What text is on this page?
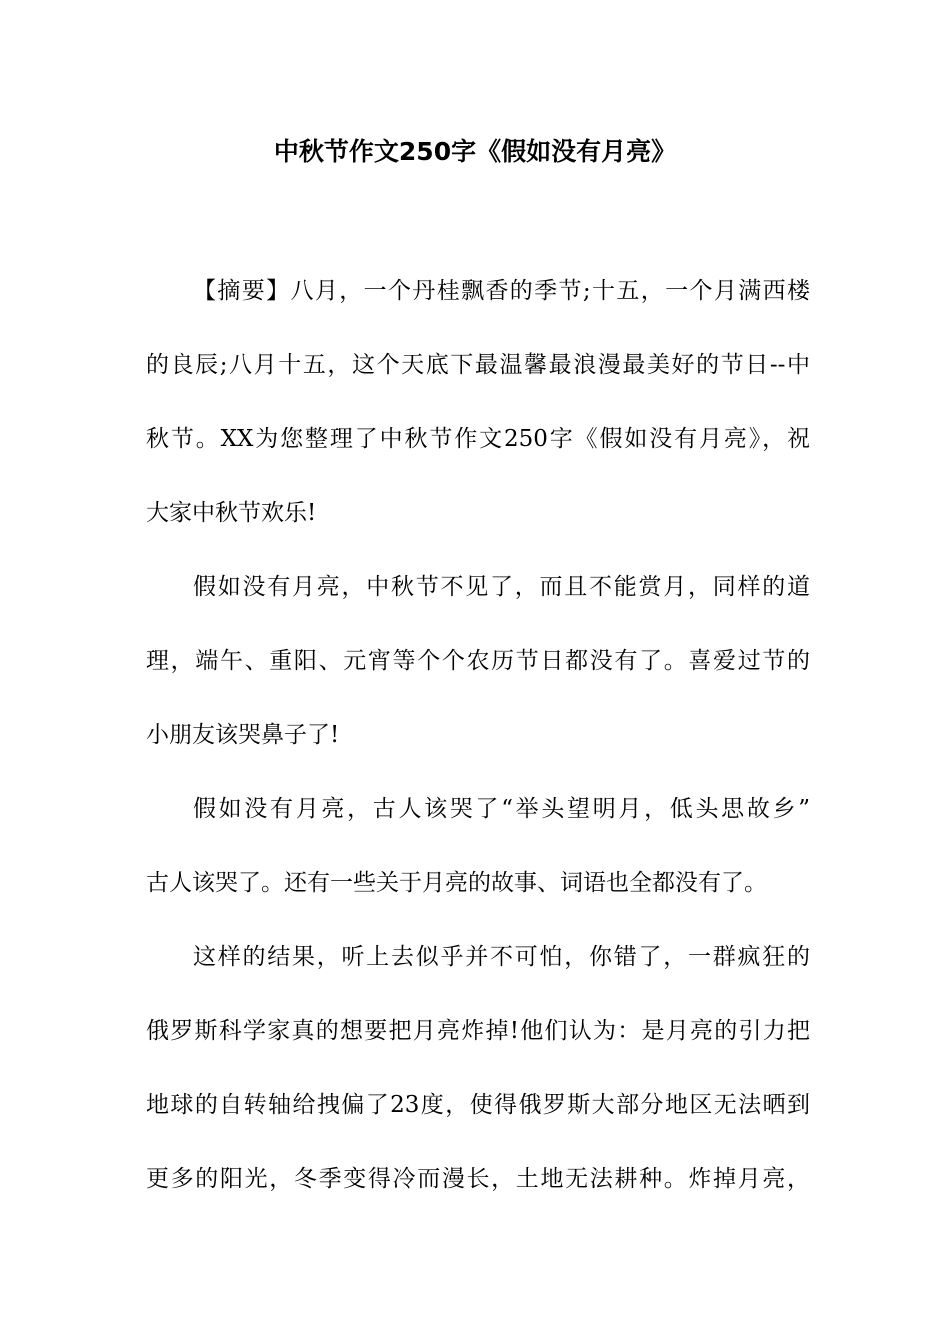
中秋节作文250字《假如没有月亮》
【摘要】八月，一个丹桂飘香的季节;十五，一个月满西楼
的良辰;八月十五，这个天底下最温馨最浪漫最美好的节日--中
秋节。XX为您整理了中秋节作文250字《假如没有月亮》，祝
大家中秋节欢乐!
假如没有月亮，中秋节不见了，而且不能赏月，同样的道
理，端午、重阳、元宵等个个农历节日都没有了。喜爱过节的
小朋友该哭鼻子了!
假如没有月亮，古人该哭了“举头望明月，低头思故乡”
古人该哭了。还有一些关于月亮的故事、词语也全都没有了。
这样的结果，听上去似乎并不可怕，你错了，一群疯狂的
俄罗斯科学家真的想要把月亮炸掉!他们认为：是月亮的引力把
地球的自转轴给拽偏了23度，使得俄罗斯大部分地区无法晒到
更多的阳光，冬季变得冷而漫长，土地无法耕种。炸掉月亮，
